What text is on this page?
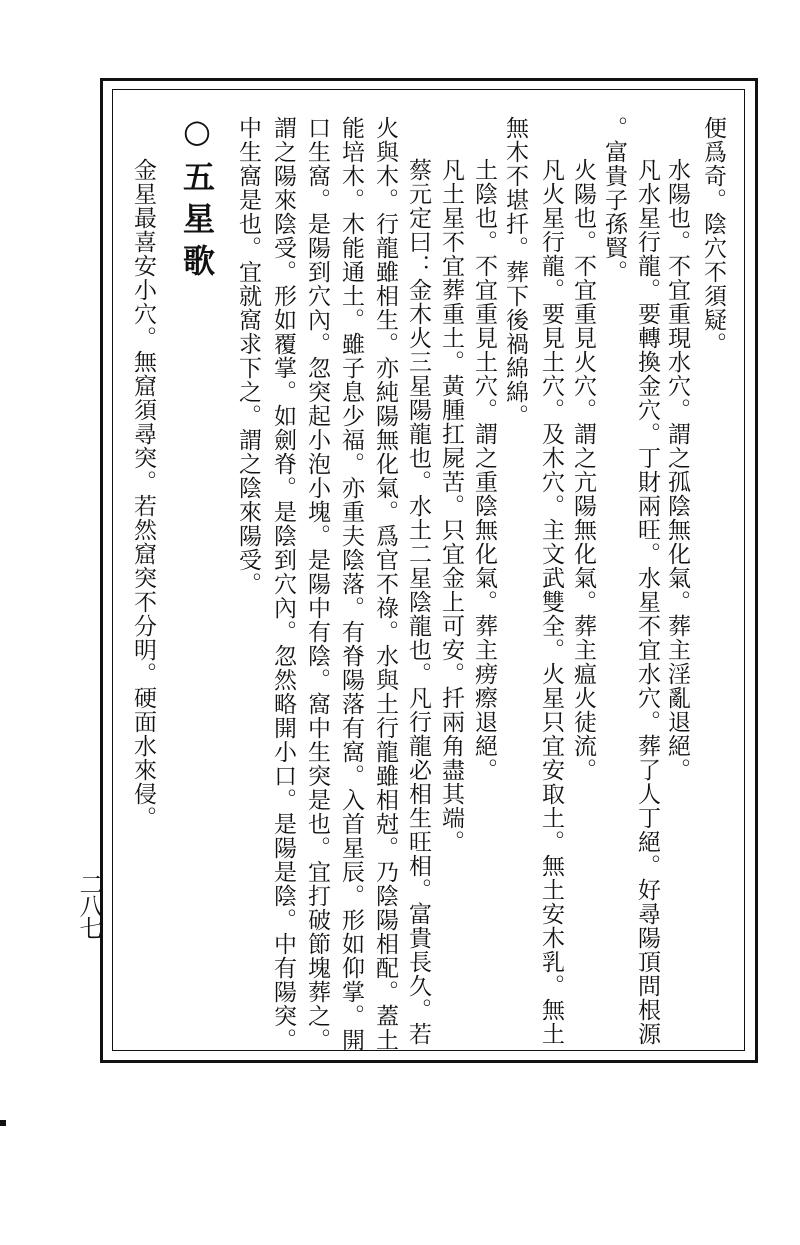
便爲奇。陰穴不須疑。
水陽也。不宜重現水穴。謂之孤陰無化氣。葬主淫亂退絕。
凡水星行龍。要轉換金穴。丁財兩旺。水星不宜水穴。葬了人丁絕。好尋陽頂問根源
。富貴子孫賢。
火陽也。不宜重見火穴。謂之亢陽無化氣。葬主瘟火徒流。
凡火星行龍。要見土穴。及木穴。主文武雙全。火星只宜安取土。無土安木乳。無土
無木不堪扦。葬下後禍綿綿。
土陰也。不宜重見土穴。謂之重陰無化氣。葬主痨瘵退絕。
凡土星不宜葬重土。黃腫扛屍苦。只宜金上可安。扦兩角盡其端。
蔡元定曰：金木火三星陽龍也。水土二星陰龍也。凡行龍必相生旺相。富貴長久。若
火與木。行龍雖相生。亦純陽無化氣。爲官不祿。水與土行龍雖相尅。乃陰陽相配。蓋土
能培木。木能通土。雖子息少福。亦重夫陰落。有脊陽落有窩。入首星辰。形如仰掌。開
口生窩。是陽到穴內。忽突起小泡小塊。是陽中有陰。窩中生突是也。宜打破節塊葬之。
謂之陽來陰受。形如覆掌。如劍脊。是陰到穴內。忽然略開小口。是陽是陰。中有陽突。
中生窩是也。宜就窩求下之。謂之陰來陽受。
○五星歌
金星最喜安小穴。無窟須尋突。若然窟突不分明。硬面水來侵。
二八七
